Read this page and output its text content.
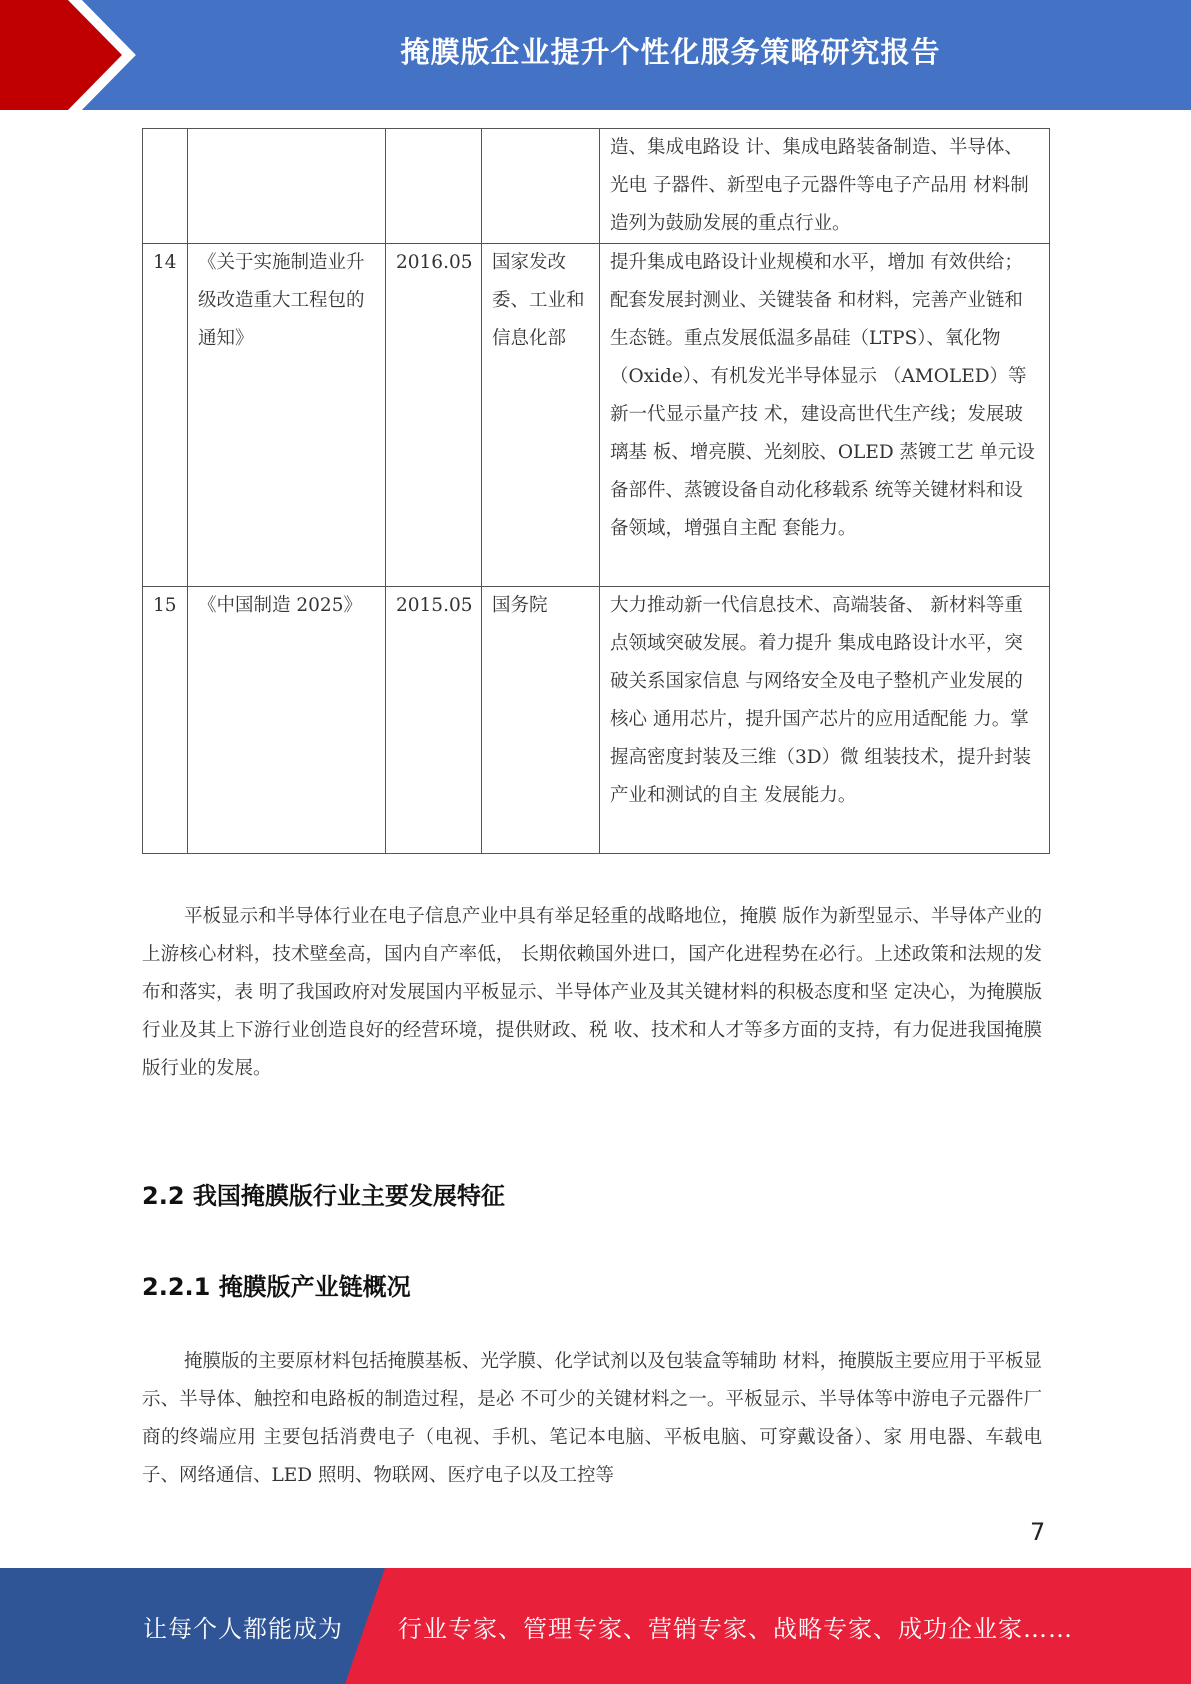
掩膜版企业提升个性化服务策略研究报告
				造、集成电路设 计、集成电路装备制造、半导体、光电 子器件、新型电子元器件等电子产品用 材料制造列为鼓励发展的重点行业。
14	《关于实施制造业升级改造重大工程包的通知》	2016.05	国家发改委、工业和信息化部	提升集成电路设计业规模和水平，增加 有效供给；配套发展封测业、关键装备 和材料，完善产业链和生态链。重点发展低温多晶硅（LTPS）、氧化物 （Oxide）、有机发光半导体显示 （AMOLED）等新一代显示量产技 术，建设高世代生产线；发展玻璃基 板、增亮膜、光刻胶、OLED 蒸镀工艺 单元设备部件、蒸镀设备自动化移载系 统等关键材料和设备领域，增强自主配 套能力。
15	《中国制造 2025》	2015.05	国务院	大力推动新一代信息技术、高端装备、 新材料等重点领域突破发展。着力提升 集成电路设计水平，突破关系国家信息 与网络安全及电子整机产业发展的核心 通用芯片，提升国产芯片的应用适配能 力。掌握高密度封装及三维（3D）微 组装技术，提升封装产业和测试的自主 发展能力。

平板显示和半导体行业在电子信息产业中具有举足轻重的战略地位，掩膜 版作为新型显示、半导体产业的上游核心材料，技术壁垒高，国内自产率低， 长期依赖国外进口，国产化进程势在必行。上述政策和法规的发布和落实，表 明了我国政府对发展国内平板显示、半导体产业及其关键材料的积极态度和坚 定决心，为掩膜版行业及其上下游行业创造良好的经营环境，提供财政、税 收、技术和人才等多方面的支持，有力促进我国掩膜版行业的发展。

2.2 我国掩膜版行业主要发展特征
2.2.1 掩膜版产业链概况

掩膜版的主要原材料包括掩膜基板、光学膜、化学试剂以及包装盒等辅助 材料，掩膜版主要应用于平板显示、半导体、触控和电路板的制造过程，是必 不可少的关键材料之一。平板显示、半导体等中游电子元器件厂商的终端应用 主要包括消费电子（电视、手机、笔记本电脑、平板电脑、可穿戴设备）、家 用电器、车载电子、网络通信、LED 照明、物联网、医疗电子以及工控等

7
让每个人都能成为 行业专家、管理专家、营销专家、战略专家、成功企业家……
